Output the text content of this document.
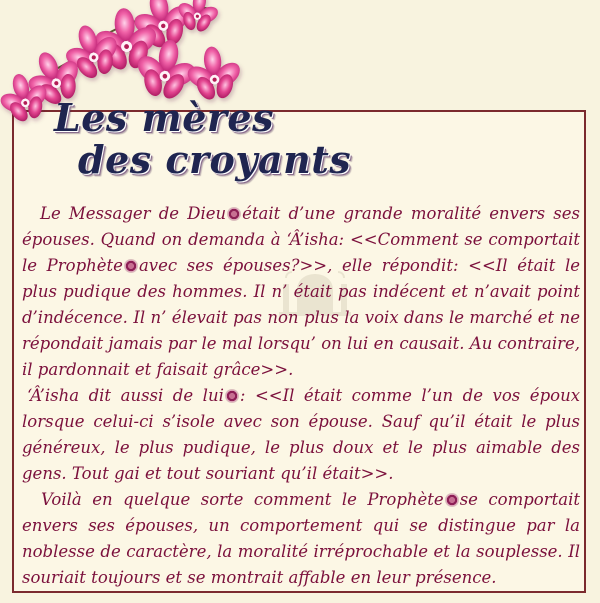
Les mères
des croyants

Le Messager de Dieu était d’une grande moralité envers ses épouses. Quand on demanda à ‘Â’isha: <<Comment se comportait le Prophète avec ses épouses?>>, elle répondit: <<Il était le plus pudique des hommes. Il n’ était pas indécent et n’avait point d’indécence. Il n’ élevait pas non plus la voix dans le marché et ne répondait jamais par le mal lorsqu’ on lui en causait. Au contraire, il pardonnait et faisait grâce>>.

‘Â’isha dit aussi de lui : <<Il était comme l’un de vos époux lorsque celui-ci s’isole avec son épouse. Sauf qu’il était le plus généreux, le plus pudique, le plus doux et le plus aimable des gens. Tout gai et tout souriant qu’il était>>.

Voilà en quelque sorte comment le Prophète se comportait envers ses épouses, un comportement qui se distingue par la noblesse de caractère, la moralité irréprochable et la souplesse. Il souriait toujours et se montrait affable en leur présence.
